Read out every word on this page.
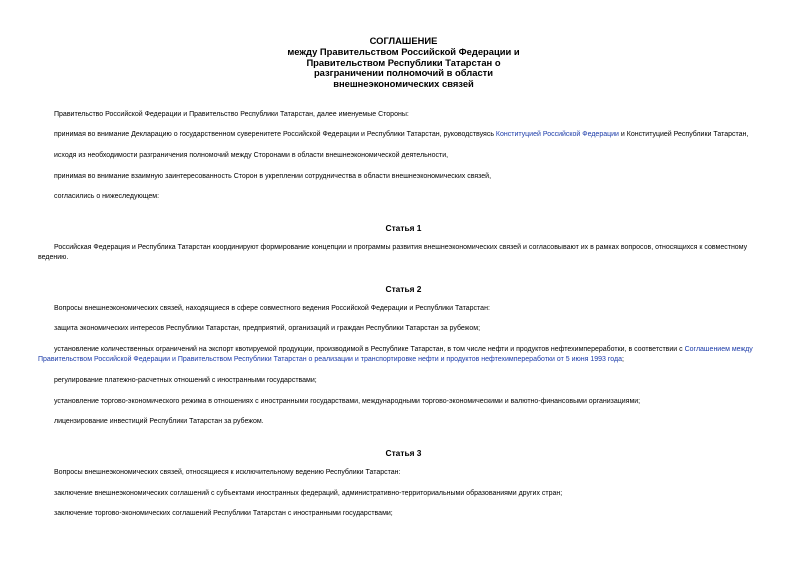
СОГЛАШЕНИЕ
между Правительством Российской Федерации и
Правительством Республики Татарстан о
разграничении полномочий в области
внешнеэкономических связей
Правительство Российской Федерации и Правительство Республики Татарстан, далее именуемые Стороны:
принимая во внимание Декларацию о государственном суверенитете Российской Федерации и Республики Татарстан, руководствуясь Конституцией Российской Федерации и Конституцией Республики Татарстан,
исходя из необходимости разграничения полномочий между Сторонами в области внешнеэкономической деятельности,
принимая во внимание взаимную заинтересованность Сторон в укреплении сотрудничества в области внешнеэкономических связей,
согласились о нижеследующем:
Статья 1
Российская Федерация и Республика Татарстан координируют формирование концепции и программы развития внешнеэкономических связей и согласовывают их в рамках вопросов, относящихся к совместному ведению.
Статья 2
Вопросы внешнеэкономических связей, находящиеся в сфере совместного ведения Российской Федерации и Республики Татарстан:
защита экономических интересов Республики Татарстан, предприятий, организаций и граждан Республики Татарстан за рубежом;
установление количественных ограничений на экспорт квотируемой продукции, производимой в Республике Татарстан, в том числе нефти и продуктов нефтехимпереработки, в соответствии с Соглашением между Правительством Российской Федерации и Правительством Республики Татарстан о реализации и транспортировке нефти и продуктов нефтехимпереработки от 5 июня 1993 года;
регулирование платежно-расчетных отношений с иностранными государствами;
установление торгово-экономического режима в отношениях с иностранными государствами, международными торгово-экономическими и валютно-финансовыми организациями;
лицензирование инвестиций Республики Татарстан за рубежом.
Статья 3
Вопросы внешнеэкономических связей, относящиеся к исключительному ведению Республики Татарстан:
заключение внешнеэкономических соглашений с субъектами иностранных федераций, административно-территориальными образованиями других стран;
заключение торгово-экономических соглашений Республики Татарстан с иностранными государствами;
